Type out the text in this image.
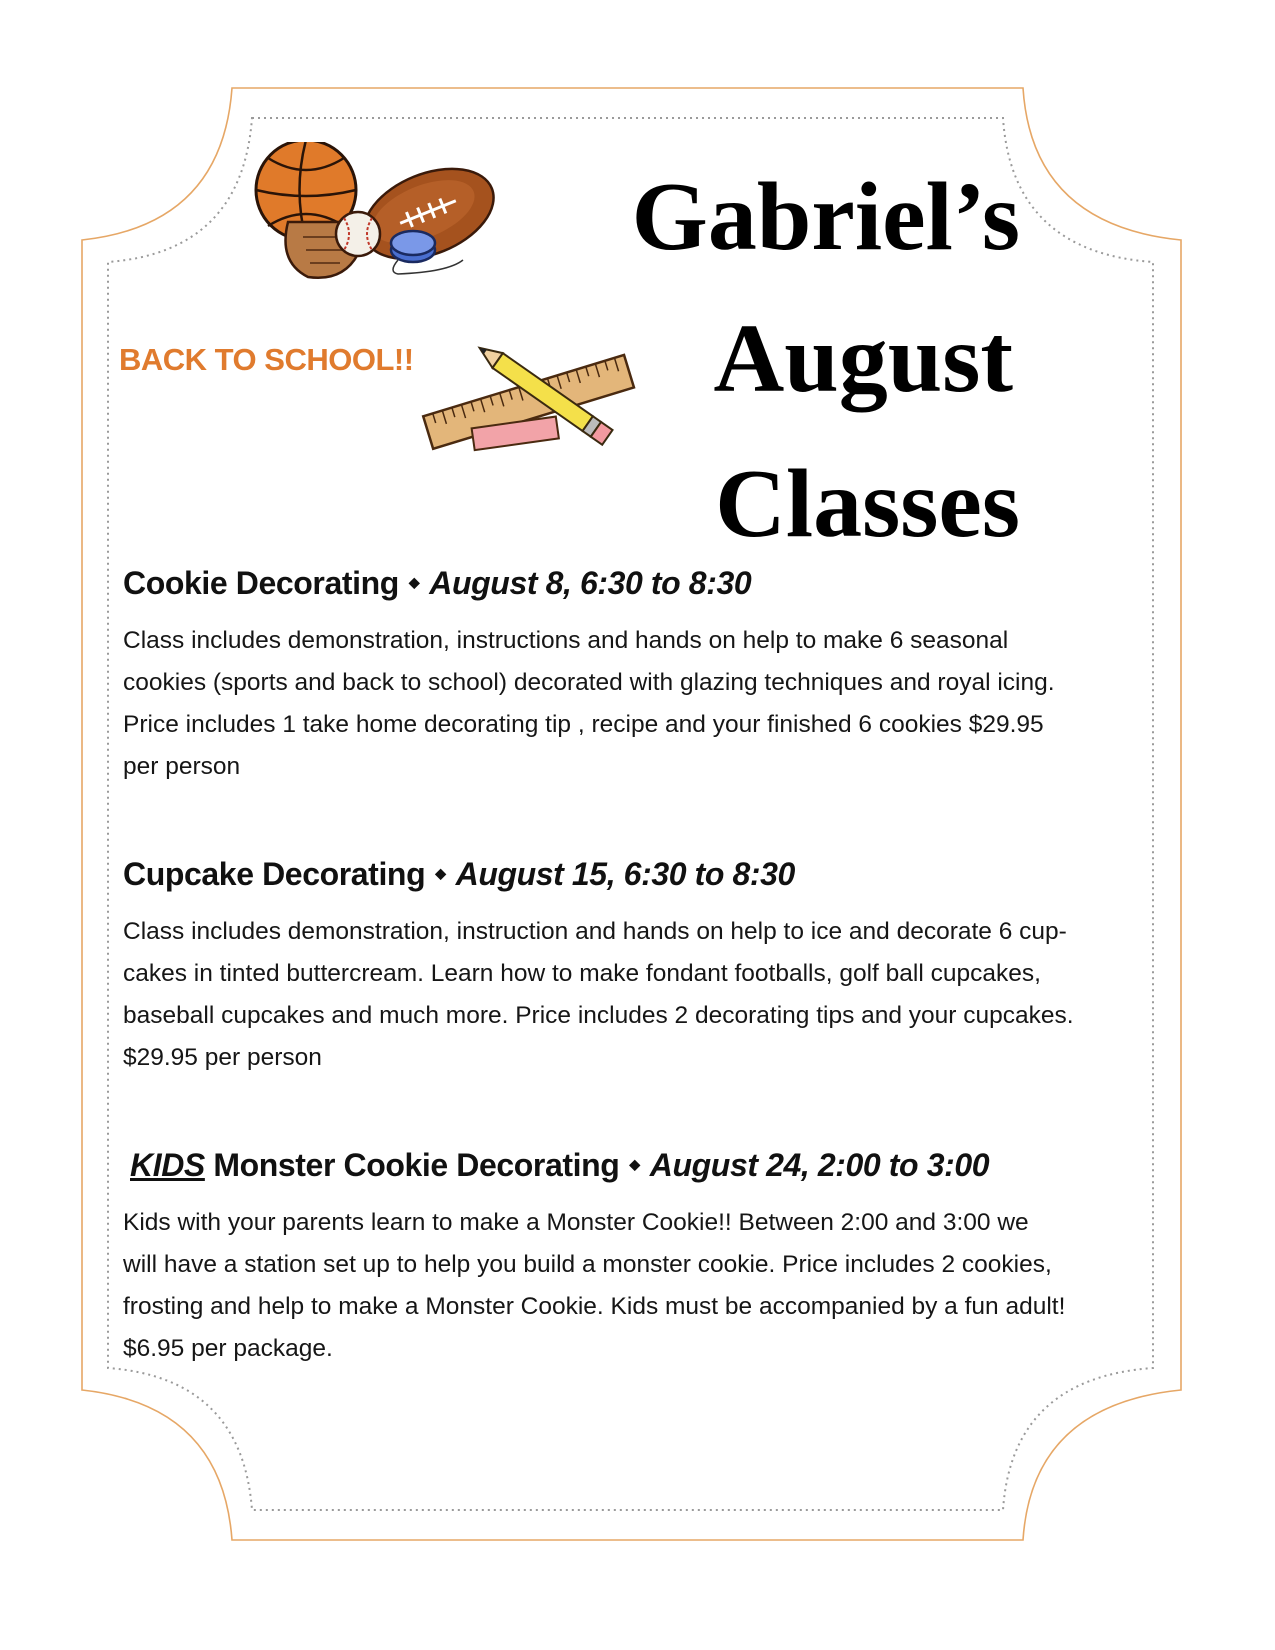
Gabriel’s
August
Classes
BACK TO SCHOOL!!
Cookie Decorating ◆ August 8, 6:30 to 8:30

Class includes demonstration, instructions and hands on help to make 6 seasonal

cookies (sports and back to school) decorated with glazing techniques and royal icing.

Price includes 1 take home decorating tip , recipe and your finished 6 cookies $29.95

per person

Cupcake Decorating ◆ August 15, 6:30 to 8:30

Class includes demonstration, instruction and hands on help to ice and decorate 6 cup-

cakes in tinted buttercream. Learn how to make fondant footballs, golf ball cupcakes,

baseball cupcakes and much more. Price includes 2 decorating tips and your cupcakes.

$29.95 per person

KIDS Monster Cookie Decorating ◆ August 24, 2:00 to 3:00

Kids with your parents learn to make a Monster Cookie!! Between 2:00 and 3:00 we

will have a station set up to help you build a monster cookie. Price includes 2 cookies,

frosting and help to make a Monster Cookie. Kids must be accompanied by a fun adult!

$6.95 per package.
